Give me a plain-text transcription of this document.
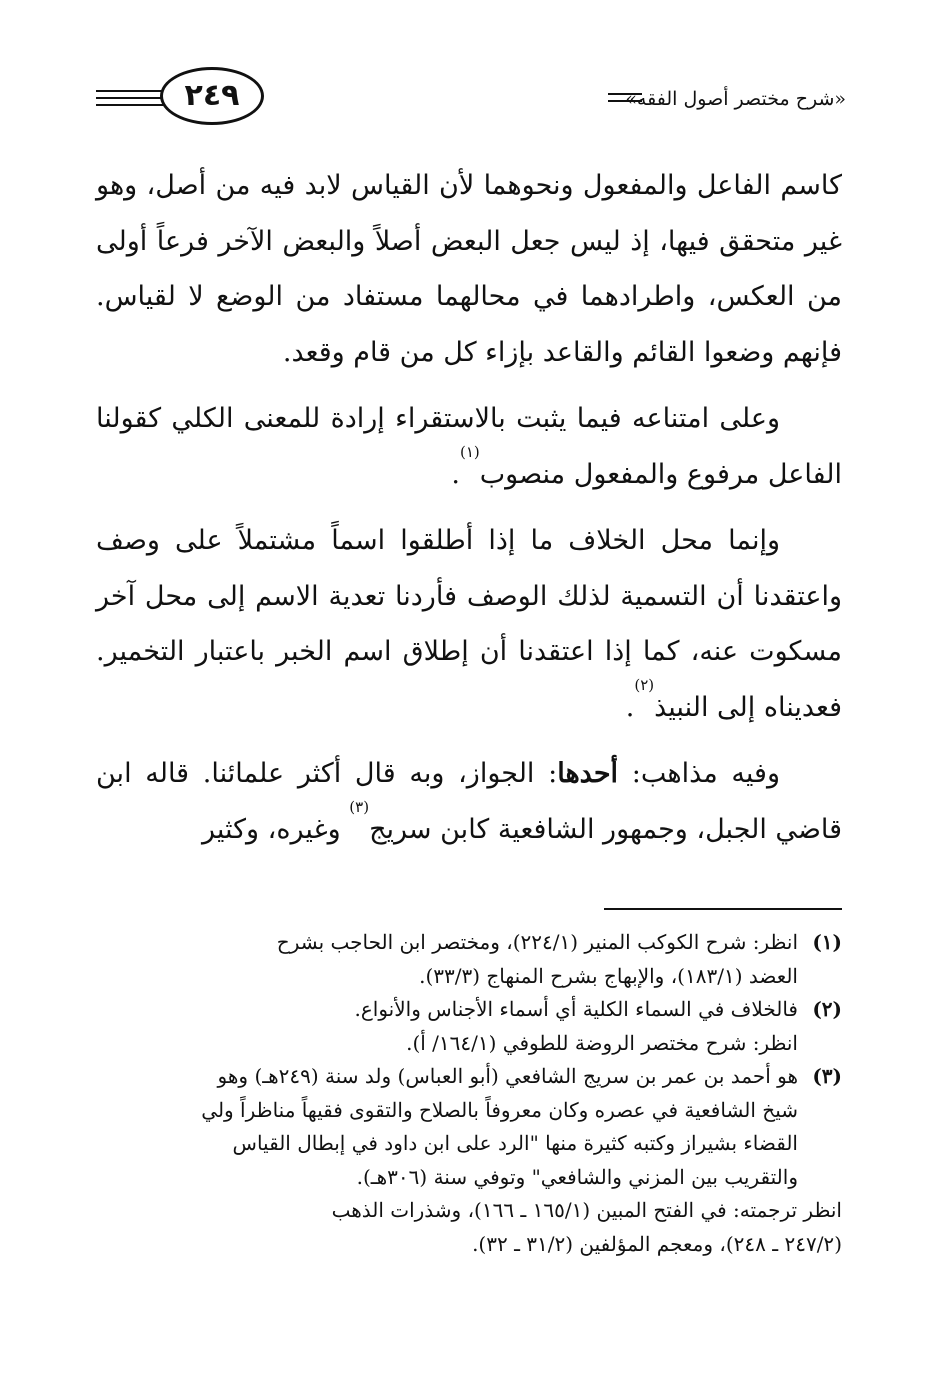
٢٤٩	«شرح مختصر أصول الفقه»

كاسم الفاعل والمفعول ونحوهما لأن القياس لابد فيه من أصل، وهو غير متحقق فيها، إذ ليس جعل البعض أصلاً والبعض الآخر فرعاً أولى من العكس، واطرادهما في محالهما مستفاد من الوضع لا لقياس. فإنهم وضعوا القائم والقاعد بإزاء كل من قام وقعد.

وعلى امتناعه فيما يثبت بالاستقراء إرادة للمعنى الكلي كقولنا الفاعل مرفوع والمفعول منصوب$^{(١)}$.

وإنما محل الخلاف ما إذا أطلقوا اسماً مشتملاً على وصف واعتقدنا أن التسمية لذلك الوصف فأردنا تعدية الاسم إلى محل آخر مسكوت عنه، كما إذا اعتقدنا أن إطلاق اسم الخبر باعتبار التخمير. فعديناه إلى النبيذ$^{(٢)}$.

وفيه مذاهب: أحدها: الجواز، وبه قال أكثر علمائنا. قاله ابن قاضي الجبل، وجمهور الشافعية كابن سريج$^{(٣)}$ وغيره، وكثير

(١)
انظر: شرح الكوكب المنير (٢٢٤/١)، ومختصر ابن الحاجب بشرح
العضد (١٨٣/١)، والإبهاج بشرح المنهاج (٣٣/٣).
(٢)
فالخلاف في السماء الكلية أي أسماء الأجناس والأنواع.
انظر: شرح مختصر الروضة للطوفي (١٦٤/١/ أ).
(٣)
هو أحمد بن عمر بن سريج الشافعي (أبو العباس) ولد سنة (٢٤٩هـ) وهو
شيخ الشافعية في عصره وكان معروفاً بالصلاح والتقوى فقيهاً مناظراً ولي
القضاء بشيراز وكتبه كثيرة منها "الرد على ابن داود في إبطال القياس
والتقريب بين المزني والشافعي" وتوفي سنة (٣٠٦هـ).
انظر ترجمته: في الفتح المبين (١٦٥/١ ـ ١٦٦)، وشذرات الذهب
(٢٤٧/٢ ـ ٢٤٨)، ومعجم المؤلفين (٣١/٢ ـ ٣٢).
